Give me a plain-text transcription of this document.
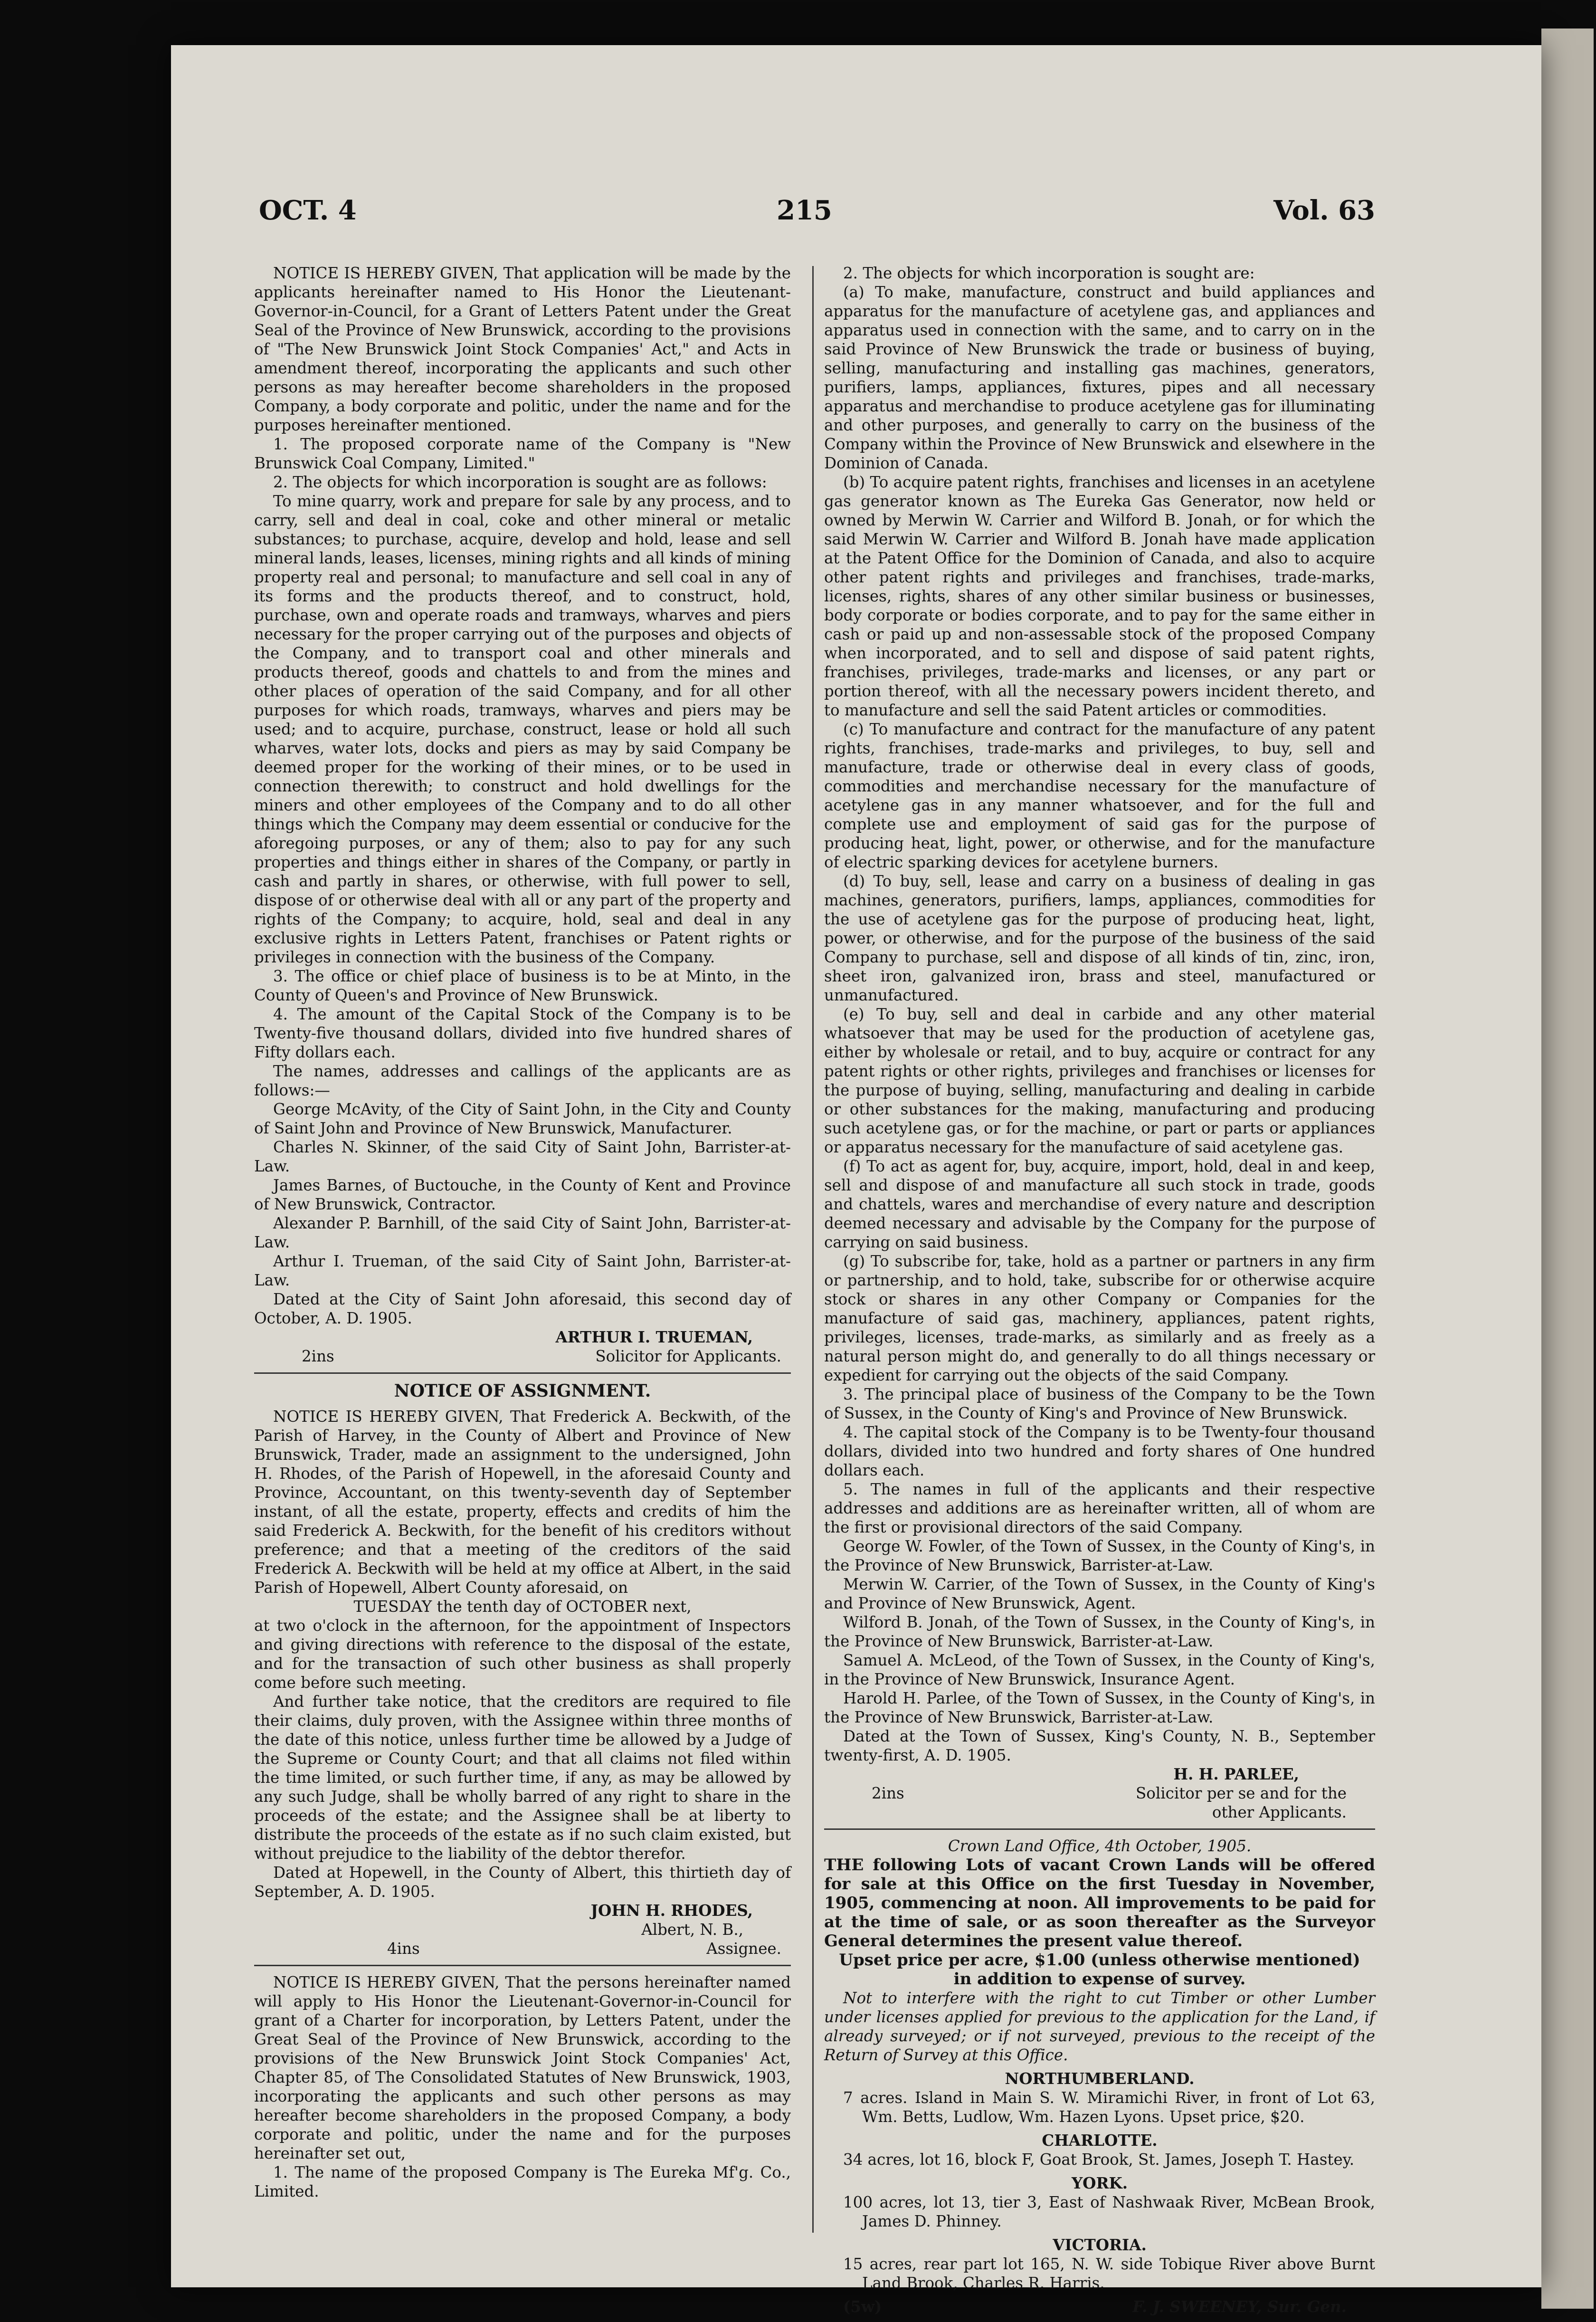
OCT. 4	215	Vol. 63

NOTICE IS HEREBY GIVEN, That application will be made by the applicants hereinafter named to His Honor the Lieutenant-Governor-in-Council, for a Grant of Letters Patent under the Great Seal of the Province of New Brunswick, according to the provisions of "The New Brunswick Joint Stock Companies' Act," and Acts in amendment thereof, incorporating the applicants and such other persons as may hereafter become shareholders in the proposed Company, a body corporate and politic, under the name and for the purposes hereinafter mentioned.

1. The proposed corporate name of the Company is "New Brunswick Coal Company, Limited."

2. The objects for which incorporation is sought are as follows:

To mine quarry, work and prepare for sale by any process, and to carry, sell and deal in coal, coke and other mineral or metalic substances; to purchase, acquire, develop and hold, lease and sell mineral lands, leases, licenses, mining rights and all kinds of mining property real and personal; to manufacture and sell coal in any of its forms and the products thereof, and to construct, hold, purchase, own and operate roads and tramways, wharves and piers necessary for the proper carrying out of the purposes and objects of the Company, and to transport coal and other minerals and products thereof, goods and chattels to and from the mines and other places of operation of the said Company, and for all other purposes for which roads, tramways, wharves and piers may be used; and to acquire, purchase, construct, lease or hold all such wharves, water lots, docks and piers as may by said Company be deemed proper for the working of their mines, or to be used in connection therewith; to construct and hold dwellings for the miners and other employees of the Company and to do all other things which the Company may deem essential or conducive for the aforegoing purposes, or any of them; also to pay for any such properties and things either in shares of the Company, or partly in cash and partly in shares, or otherwise, with full power to sell, dispose of or otherwise deal with all or any part of the property and rights of the Company; to acquire, hold, seal and deal in any exclusive rights in Letters Patent, franchises or Patent rights or privileges in connection with the business of the Company.

3. The office or chief place of business is to be at Minto, in the County of Queen's and Province of New Brunswick.

4. The amount of the Capital Stock of the Company is to be Twenty-five thousand dollars, divided into five hundred shares of Fifty dollars each.

The names, addresses and callings of the applicants are as follows:—

George McAvity, of the City of Saint John, in the City and County of Saint John and Province of New Brunswick, Manufacturer.

Charles N. Skinner, of the said City of Saint John, Barrister-at-Law.

James Barnes, of Buctouche, in the County of Kent and Province of New Brunswick, Contractor.

Alexander P. Barnhill, of the said City of Saint John, Barrister-at-Law.

Arthur I. Trueman, of the said City of Saint John, Barrister-at-Law.

Dated at the City of Saint John aforesaid, this second day of October, A. D. 1905.

ARTHUR I. TRUEMAN,

2ins	Solicitor for Applicants.

NOTICE OF ASSIGNMENT.

NOTICE IS HEREBY GIVEN, That Frederick A. Beckwith, of the Parish of Harvey, in the County of Albert and Province of New Brunswick, Trader, made an assignment to the undersigned, John H. Rhodes, of the Parish of Hopewell, in the aforesaid County and Province, Accountant, on this twenty-seventh day of September instant, of all the estate, property, effects and credits of him the said Frederick A. Beckwith, for the benefit of his creditors without preference; and that a meeting of the creditors of the said Frederick A. Beckwith will be held at my office at Albert, in the said Parish of Hopewell, Albert County aforesaid, on

TUESDAY the tenth day of OCTOBER next,

at two o'clock in the afternoon, for the appointment of Inspectors and giving directions with reference to the disposal of the estate, and for the transaction of such other business as shall properly come before such meeting.

And further take notice, that the creditors are required to file their claims, duly proven, with the Assignee within three months of the date of this notice, unless further time be allowed by a Judge of the Supreme or County Court; and that all claims not filed within the time limited, or such further time, if any, as may be allowed by any such Judge, shall be wholly barred of any right to share in the proceeds of the estate; and the Assignee shall be at liberty to distribute the proceeds of the estate as if no such claim existed, but without prejudice to the liability of the debtor therefor.

Dated at Hopewell, in the County of Albert, this thirtieth day of September, A. D. 1905.

JOHN H. RHODES,

Albert, N. B.,

4ins	Assignee.

NOTICE IS HEREBY GIVEN, That the persons hereinafter named will apply to His Honor the Lieutenant-Governor-in-Council for grant of a Charter for incorporation, by Letters Patent, under the Great Seal of the Province of New Brunswick, according to the provisions of the New Brunswick Joint Stock Companies' Act, Chapter 85, of The Consolidated Statutes of New Brunswick, 1903, incorporating the applicants and such other persons as may hereafter become shareholders in the proposed Company, a body corporate and politic, under the name and for the purposes hereinafter set out,

1. The name of the proposed Company is The Eureka Mf'g. Co., Limited.

2. The objects for which incorporation is sought are:

(a) To make, manufacture, construct and build appliances and apparatus for the manufacture of acetylene gas, and appliances and apparatus used in connection with the same, and to carry on in the said Province of New Brunswick the trade or business of buying, selling, manufacturing and installing gas machines, generators, purifiers, lamps, appliances, fixtures, pipes and all necessary apparatus and merchandise to produce acetylene gas for illuminating and other purposes, and generally to carry on the business of the Company within the Province of New Brunswick and elsewhere in the Dominion of Canada.

(b) To acquire patent rights, franchises and licenses in an acetylene gas generator known as The Eureka Gas Generator, now held or owned by Merwin W. Carrier and Wilford B. Jonah, or for which the said Merwin W. Carrier and Wilford B. Jonah have made application at the Patent Office for the Dominion of Canada, and also to acquire other patent rights and privileges and franchises, trade-marks, licenses, rights, shares of any other similar business or businesses, body corporate or bodies corporate, and to pay for the same either in cash or paid up and non-assessable stock of the proposed Company when incorporated, and to sell and dispose of said patent rights, franchises, privileges, trade-marks and licenses, or any part or portion thereof, with all the necessary powers incident thereto, and to manufacture and sell the said Patent articles or commodities.

(c) To manufacture and contract for the manufacture of any patent rights, franchises, trade-marks and privileges, to buy, sell and manufacture, trade or otherwise deal in every class of goods, commodities and merchandise necessary for the manufacture of acetylene gas in any manner whatsoever, and for the full and complete use and employment of said gas for the purpose of producing heat, light, power, or otherwise, and for the manufacture of electric sparking devices for acetylene burners.

(d) To buy, sell, lease and carry on a business of dealing in gas machines, generators, purifiers, lamps, appliances, commodities for the use of acetylene gas for the purpose of producing heat, light, power, or otherwise, and for the purpose of the business of the said Company to purchase, sell and dispose of all kinds of tin, zinc, iron, sheet iron, galvanized iron, brass and steel, manufactured or unmanufactured.

(e) To buy, sell and deal in carbide and any other material whatsoever that may be used for the production of acetylene gas, either by wholesale or retail, and to buy, acquire or contract for any patent rights or other rights, privileges and franchises or licenses for the purpose of buying, selling, manufacturing and dealing in carbide or other substances for the making, manufacturing and producing such acetylene gas, or for the machine, or part or parts or appliances or apparatus necessary for the manufacture of said acetylene gas.

(f) To act as agent for, buy, acquire, import, hold, deal in and keep, sell and dispose of and manufacture all such stock in trade, goods and chattels, wares and merchandise of every nature and description deemed necessary and advisable by the Company for the purpose of carrying on said business.

(g) To subscribe for, take, hold as a partner or partners in any firm or partnership, and to hold, take, subscribe for or otherwise acquire stock or shares in any other Company or Companies for the manufacture of said gas, machinery, appliances, patent rights, privileges, licenses, trade-marks, as similarly and as freely as a natural person might do, and generally to do all things necessary or expedient for carrying out the objects of the said Company.

3. The principal place of business of the Company to be the Town of Sussex, in the County of King's and Province of New Brunswick.

4. The capital stock of the Company is to be Twenty-four thousand dollars, divided into two hundred and forty shares of One hundred dollars each.

5. The names in full of the applicants and their respective addresses and additions are as hereinafter written, all of whom are the first or provisional directors of the said Company.

George W. Fowler, of the Town of Sussex, in the County of King's, in the Province of New Brunswick, Barrister-at-Law.

Merwin W. Carrier, of the Town of Sussex, in the County of King's and Province of New Brunswick, Agent.

Wilford B. Jonah, of the Town of Sussex, in the County of King's, in the Province of New Brunswick, Barrister-at-Law.

Samuel A. McLeod, of the Town of Sussex, in the County of King's, in the Province of New Brunswick, Insurance Agent.

Harold H. Parlee, of the Town of Sussex, in the County of King's, in the Province of New Brunswick, Barrister-at-Law.

Dated at the Town of Sussex, King's County, N. B., September twenty-first, A. D. 1905.

H. H. PARLEE,

2ins	Solicitor per se and for the

other Applicants.

Crown Land Office, 4th October, 1905.

THE following Lots of vacant Crown Lands will be offered for sale at this Office on the first Tuesday in November, 1905, commencing at noon. All improvements to be paid for at the time of sale, or as soon thereafter as the Surveyor General determines the present value thereof.

Upset price per acre, $1.00 (unless otherwise mentioned)

in addition to expense of survey.

Not to interfere with the right to cut Timber or other Lumber under licenses applied for previous to the application for the Land, if already surveyed; or if not surveyed, previous to the receipt of the Return of Survey at this Office.

NORTHUMBERLAND.

7 acres. Island in Main S. W. Miramichi River, in front of Lot 63, Wm. Betts, Ludlow, Wm. Hazen Lyons. Upset price, $20.

CHARLOTTE.

34 acres, lot 16, block F, Goat Brook, St. James, Joseph T. Hastey.

YORK.

100 acres, lot 13, tier 3, East of Nashwaak River, McBean Brook, James D. Phinney.

VICTORIA.

15 acres, rear part lot 165, N. W. side Tobique River above Burnt Land Brook, Charles R. Harris.

(5w)	F. J. SWEENEY, Sur. Gen.
